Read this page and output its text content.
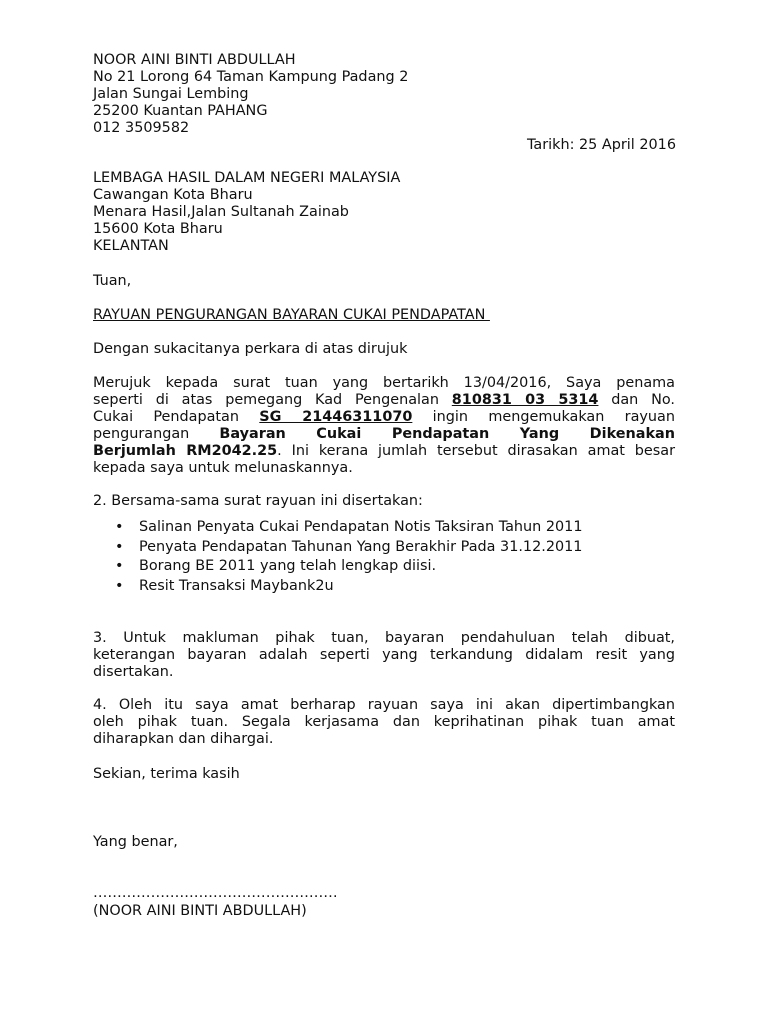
NOOR AINI BINTI ABDULLAH
No 21 Lorong 64 Taman Kampung Padang 2
Jalan Sungai Lembing
25200 Kuantan PAHANG
012 3509582
Tarikh: 25 April 2016
LEMBAGA HASIL DALAM NEGERI MALAYSIA
Cawangan Kota Bharu
Menara Hasil,Jalan Sultanah Zainab
15600 Kota Bharu
KELANTAN
Tuan,
RAYUAN PENGURANGAN BAYARAN CUKAI PENDAPATAN
Dengan sukacitanya perkara di atas dirujuk
Merujuk kepada surat tuan yang bertarikh 13/04/2016, Saya penama
seperti di atas pemegang Kad Pengenalan 810831 03 5314 dan No.
Cukai Pendapatan SG 21446311070 ingin mengemukakan rayuan
pengurangan Bayaran Cukai Pendapatan Yang Dikenakan
Berjumlah RM2042.25. Ini kerana jumlah tersebut dirasakan amat besar
kepada saya untuk melunaskannya.
2. Bersama-sama surat rayuan ini disertakan:
• Salinan Penyata Cukai Pendapatan Notis Taksiran Tahun 2011
• Penyata Pendapatan Tahunan Yang Berakhir Pada 31.12.2011
• Borang BE 2011 yang telah lengkap diisi.
• Resit Transaksi Maybank2u
3. Untuk makluman pihak tuan, bayaran pendahuluan telah dibuat,
keterangan bayaran adalah seperti yang terkandung didalam resit yang
disertakan.
4. Oleh itu saya amat berharap rayuan saya ini akan dipertimbangkan
oleh pihak tuan. Segala kerjasama dan keprihatinan pihak tuan amat
diharapkan dan dihargai.
Sekian, terima kasih
Yang benar,
……………………………………………
(NOOR AINI BINTI ABDULLAH)
